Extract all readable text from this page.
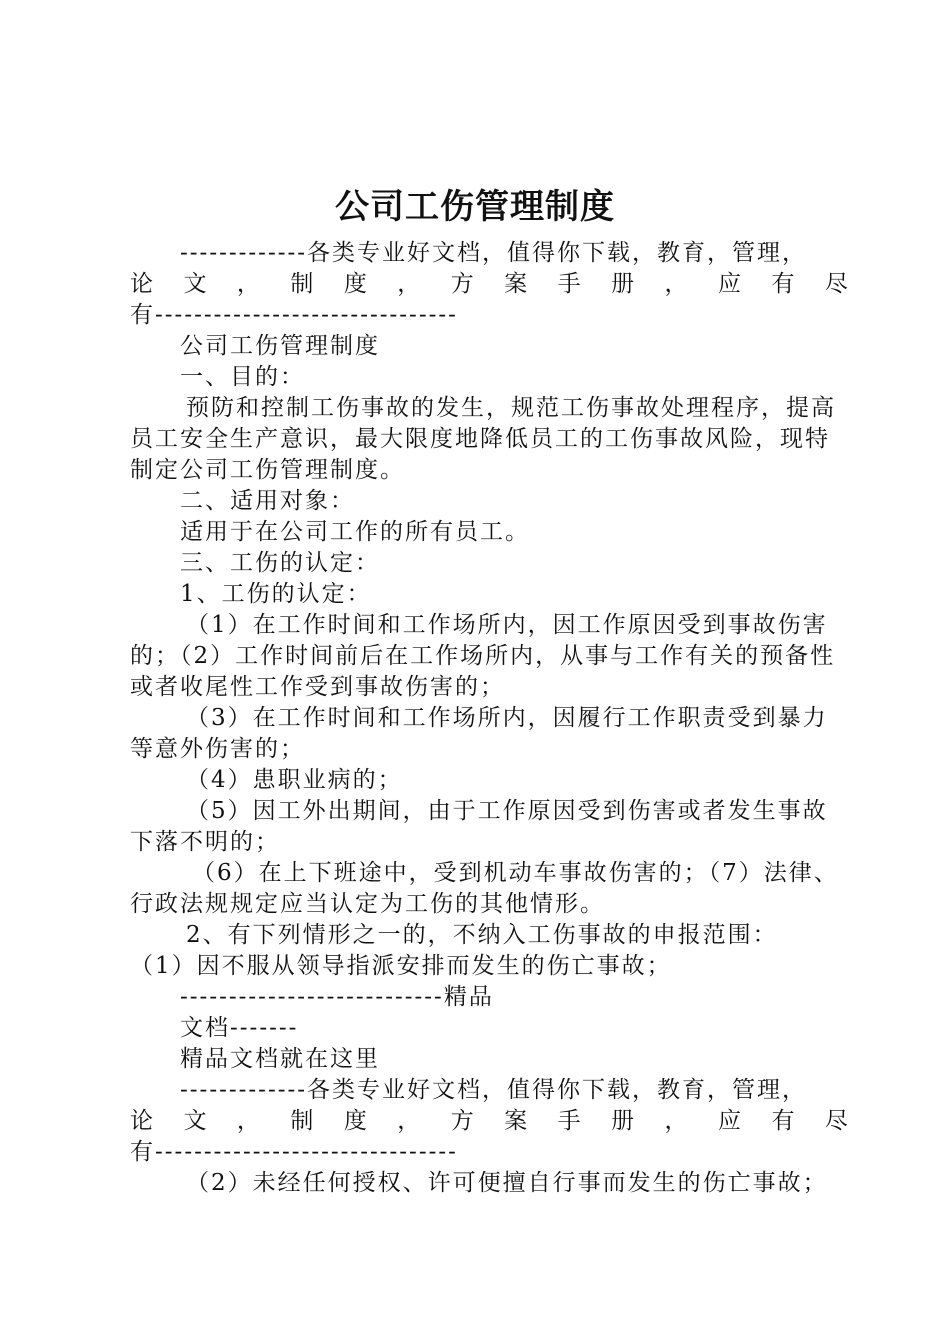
公司工伤管理制度

-------------各类专业好文档，值得你下载，教育，管理，

论 文 ， 制 度 ， 方 案 手 册 ， 应 有 尽

有-------------------------------

公司工伤管理制度

一、目的：

预防和控制工伤事故的发生，规范工伤事故处理程序，提高员工安全生产意识，最大限度地降低员工的工伤事故风险，现特制定公司工伤管理制度。

二、适用对象：

适用于在公司工作的所有员工。

三、工伤的认定：

1、工伤的认定：

（1）在工作时间和工作场所内，因工作原因受到事故伤害的；（2）工作时间前后在工作场所内，从事与工作有关的预备性或者收尾性工作受到事故伤害的；

（3）在工作时间和工作场所内，因履行工作职责受到暴力等意外伤害的；

（4）患职业病的；

（5）因工外出期间，由于工作原因受到伤害或者发生事故下落不明的；

（6）在上下班途中，受到机动车事故伤害的；（7）法律、行政法规规定应当认定为工伤的其他情形。

2、有下列情形之一的，不纳入工伤事故的申报范围：

（1）因不服从领导指派安排而发生的伤亡事故；

---------------------------精品

文档-------

精品文档就在这里

-------------各类专业好文档，值得你下载，教育，管理，

论 文 ， 制 度 ， 方 案 手 册 ， 应 有 尽

有-------------------------------

（2）未经任何授权、许可便擅自行事而发生的伤亡事故；
